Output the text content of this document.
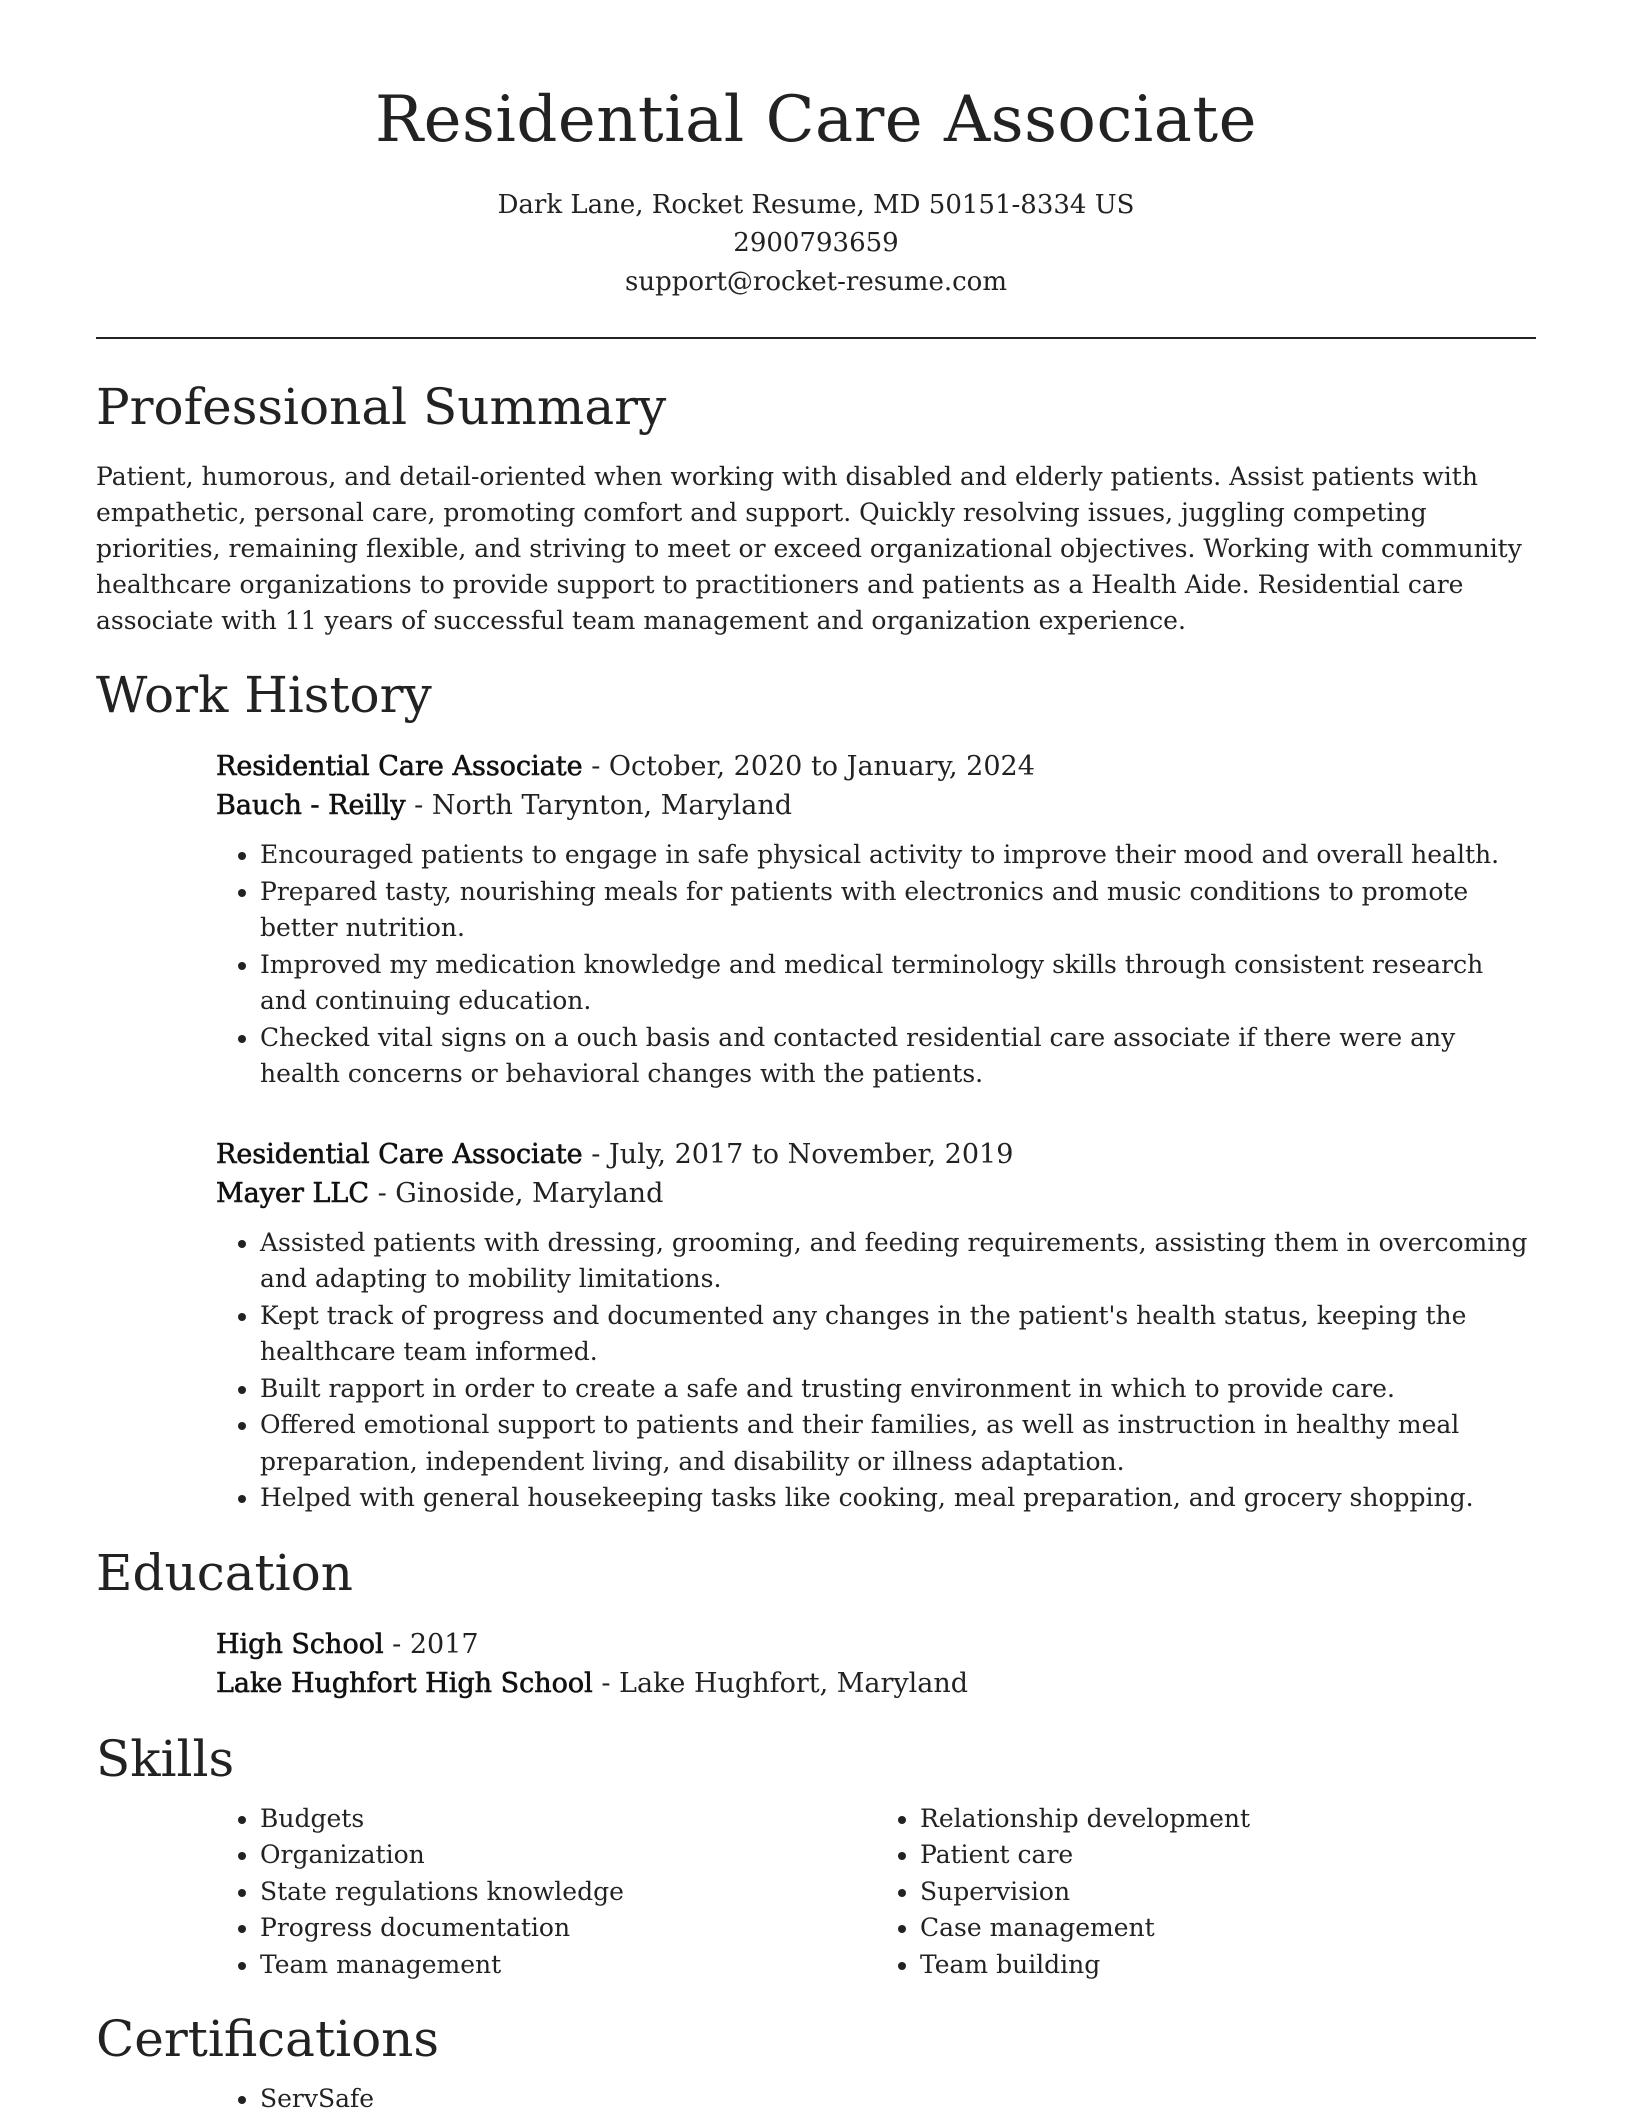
Residential Care Associate
Dark Lane, Rocket Resume, MD 50151-8334 US
2900793659
support@rocket-resume.com
Professional Summary

Patient, humorous, and detail-oriented when working with disabled and elderly patients. Assist patients with empathetic, personal care, promoting comfort and support. Quickly resolving issues, juggling competing priorities, remaining flexible, and striving to meet or exceed organizational objectives. Working with community healthcare organizations to provide support to practitioners and patients as a Health Aide. Residential care associate with 11 years of successful team management and organization experience.

Work History
Residential Care Associate - October, 2020 to January, 2024
Bauch - Reilly - North Tarynton, Maryland
• Encouraged patients to engage in safe physical activity to improve their mood and overall health.
• Prepared tasty, nourishing meals for patients with electronics and music conditions to promote better nutrition.
• Improved my medication knowledge and medical terminology skills through consistent research and continuing education.
• Checked vital signs on a ouch basis and contacted residential care associate if there were any health concerns or behavioral changes with the patients.
Residential Care Associate - July, 2017 to November, 2019
Mayer LLC - Ginoside, Maryland
• Assisted patients with dressing, grooming, and feeding requirements, assisting them in overcoming and adapting to mobility limitations.
• Kept track of progress and documented any changes in the patient's health status, keeping the healthcare team informed.
• Built rapport in order to create a safe and trusting environment in which to provide care.
• Offered emotional support to patients and their families, as well as instruction in healthy meal preparation, independent living, and disability or illness adaptation.
• Helped with general housekeeping tasks like cooking, meal preparation, and grocery shopping.
Education
High School - 2017
Lake Hughfort High School - Lake Hughfort, Maryland
Skills
• Budgets
• Organization
• State regulations knowledge
• Progress documentation
• Team management
• Relationship development
• Patient care
• Supervision
• Case management
• Team building
Certifications
• ServSafe
